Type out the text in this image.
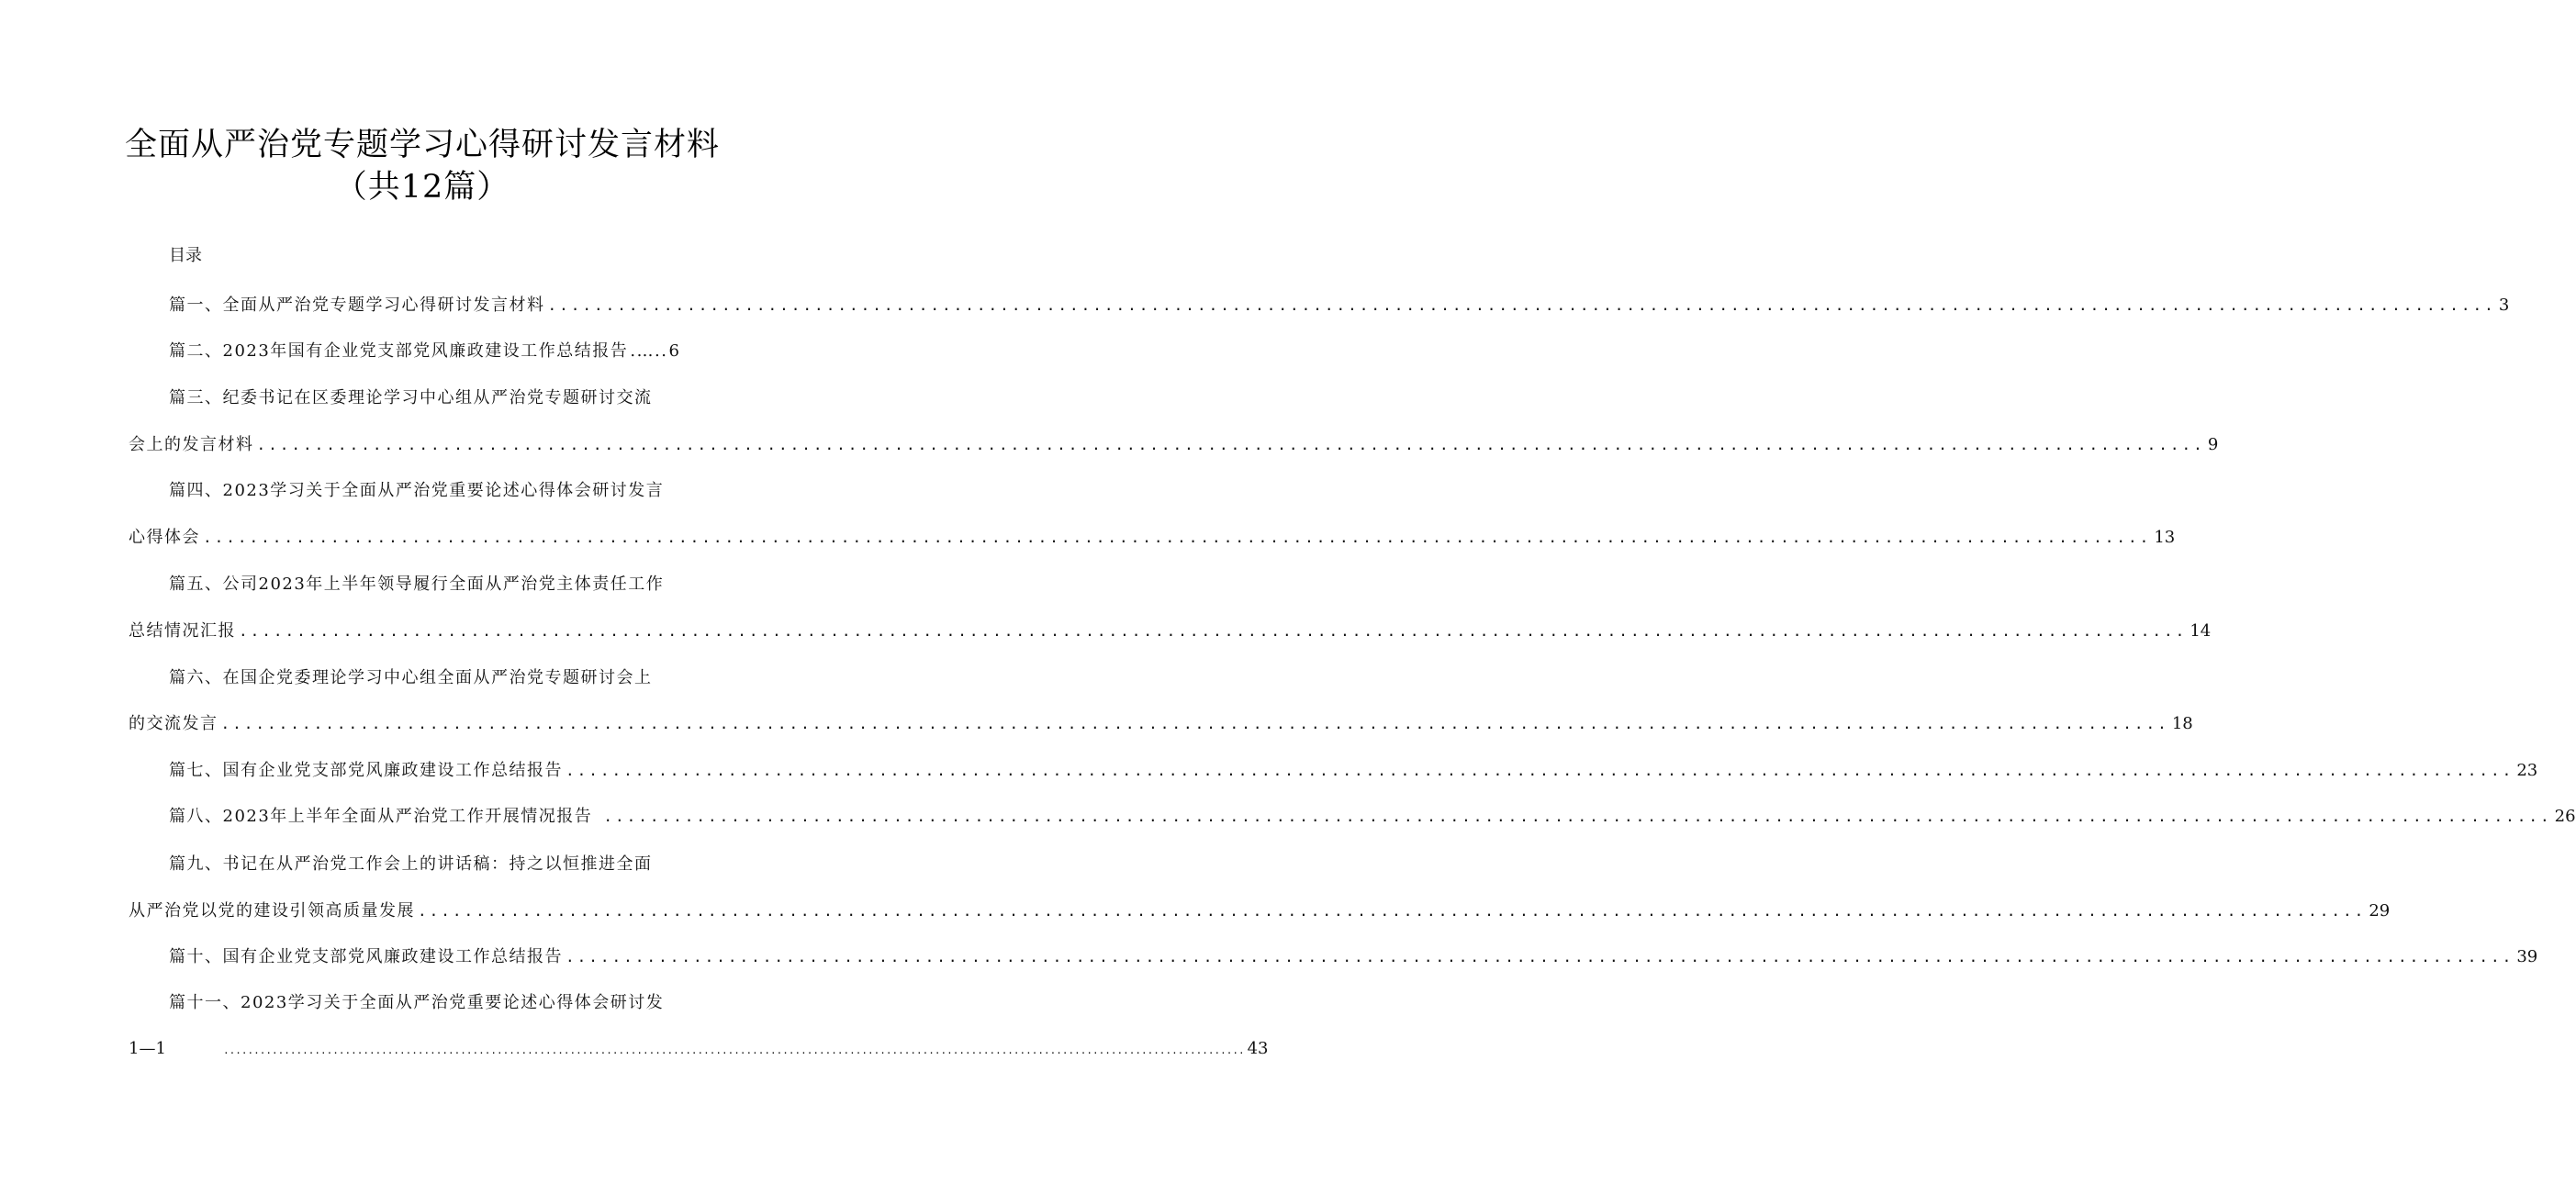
全面从严治党专题学习心得研讨发言材料
（共12篇）
目录
篇一、全面从严治党专题学习心得研讨发言材料 ........................................................................................................................................................................ 3
篇二、2023年国有企业党支部党风廉政建设工作总结报告 .….. 6
篇三、纪委书记在区委理论学习中心组从严治党专题研讨交流
会上的发言材料 ........................................................................................................................................................................ 9
篇四、2023学习关于全面从严治党重要论述心得体会研讨发言
心得体会 ........................................................................................................................................................................ 13
篇五、公司2023年上半年领导履行全面从严治党主体责任工作
总结情况汇报 ........................................................................................................................................................................ 14
篇六、在国企党委理论学习中心组全面从严治党专题研讨会上
的交流发言 ........................................................................................................................................................................ 18
篇七、国有企业党支部党风廉政建设工作总结报告 ........................................................................................................................................................................ 23
篇八、2023年上半年全面从严治党工作开展情况报告 ........................................................................................................................................................................ 26
篇九、书记在从严治党工作会上的讲话稿：持之以恒推进全面
从严治党以党的建设引领高质量发展 ........................................................................................................................................................................ 29
篇十、国有企业党支部党风廉政建设工作总结报告 ........................................................................................................................................................................ 39
篇十一、2023学习关于全面从严治党重要论述心得体会研讨发
1—1	........................................................................................................................................................................ 43
